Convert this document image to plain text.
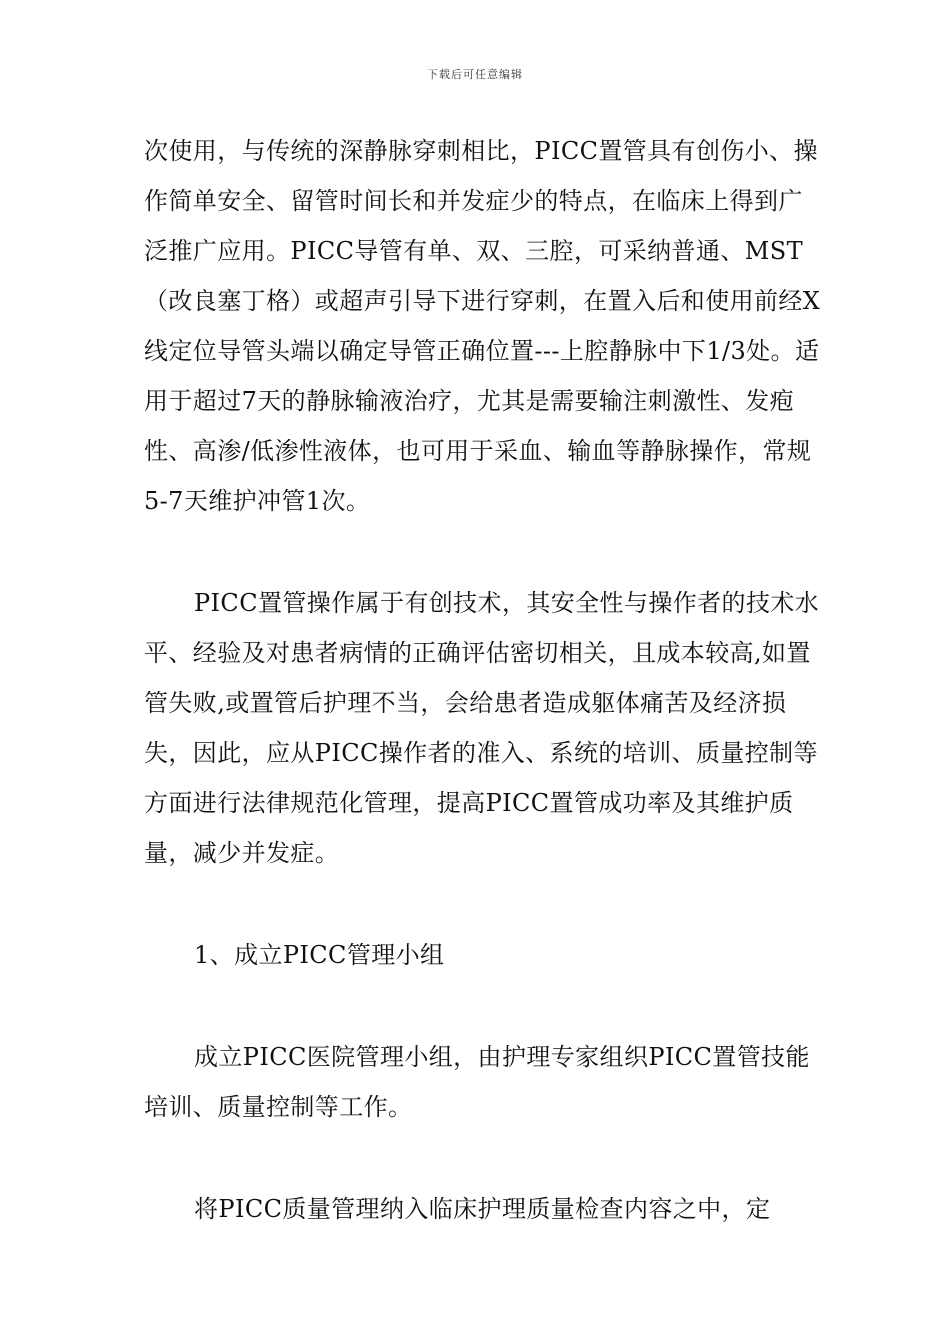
下载后可任意编辑

次使用，与传统的深静脉穿刺相比，PICC置管具有创伤小、操作简单安全、留管时间长和并发症少的特点，在临床上得到广泛推广应用。PICC导管有单、双、三腔，可采纳普通、MST（改良塞丁格）或超声引导下进行穿刺，在置入后和使用前经X线定位导管头端以确定导管正确位置---上腔静脉中下1/3处。适用于超过7天的静脉输液治疗，尤其是需要输注刺激性、发疱性、高渗/低渗性液体，也可用于采血、输血等静脉操作，常规5-7天维护冲管1次。

PICC置管操作属于有创技术，其安全性与操作者的技术水平、经验及对患者病情的正确评估密切相关，且成本较高,如置管失败,或置管后护理不当，会给患者造成躯体痛苦及经济损失，因此，应从PICC操作者的准入、系统的培训、质量控制等方面进行法律规范化管理，提高PICC置管成功率及其维护质量，减少并发症。

1、成立PICC管理小组

成立PICC医院管理小组，由护理专家组织PICC置管技能培训、质量控制等工作。

将PICC质量管理纳入临床护理质量检查内容之中，定
